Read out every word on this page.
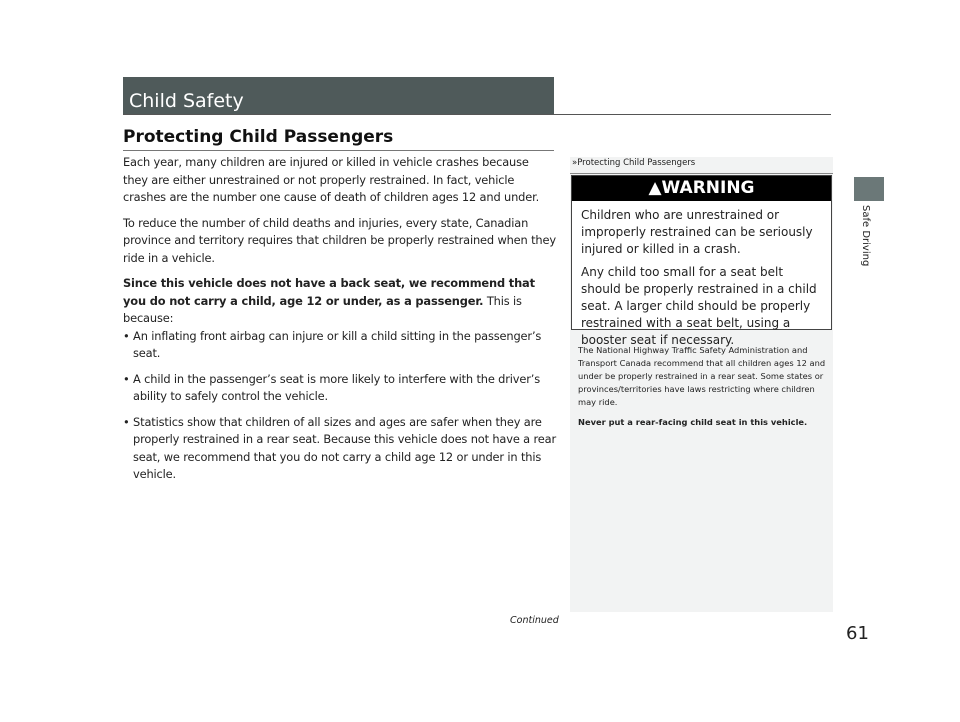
Child Safety
Protecting Child Passengers

Each year, many children are injured or killed in vehicle crashes because they are either unrestrained or not properly restrained. In fact, vehicle crashes are the number one cause of death of children ages 12 and under.

To reduce the number of child deaths and injuries, every state, Canadian province and territory requires that children be properly restrained when they ride in a vehicle.

Since this vehicle does not have a back seat, we recommend that you do not carry a child, age 12 or under, as a passenger. This is because:

• An inflating front airbag can injure or kill a child sitting in the passenger’s seat.

• A child in the passenger’s seat is more likely to interfere with the driver’s ability to safely control the vehicle.

• Statistics show that children of all sizes and ages are safer when they are properly restrained in a rear seat. Because this vehicle does not have a rear seat, we recommend that you do not carry a child age 12 or under in this vehicle.

»Protecting Child Passengers
▲WARNING

Children who are unrestrained or improperly restrained can be seriously injured or killed in a crash.

Any child too small for a seat belt should be properly restrained in a child seat. A larger child should be properly restrained with a seat belt, using a booster seat if necessary.

The National Highway Traffic Safety Administration and Transport Canada recommend that all children ages 12 and under be properly restrained in a rear seat. Some states or provinces/territories have laws restricting where children may ride.

Never put a rear-facing child seat in this vehicle.

Safe Driving
Continued
61
